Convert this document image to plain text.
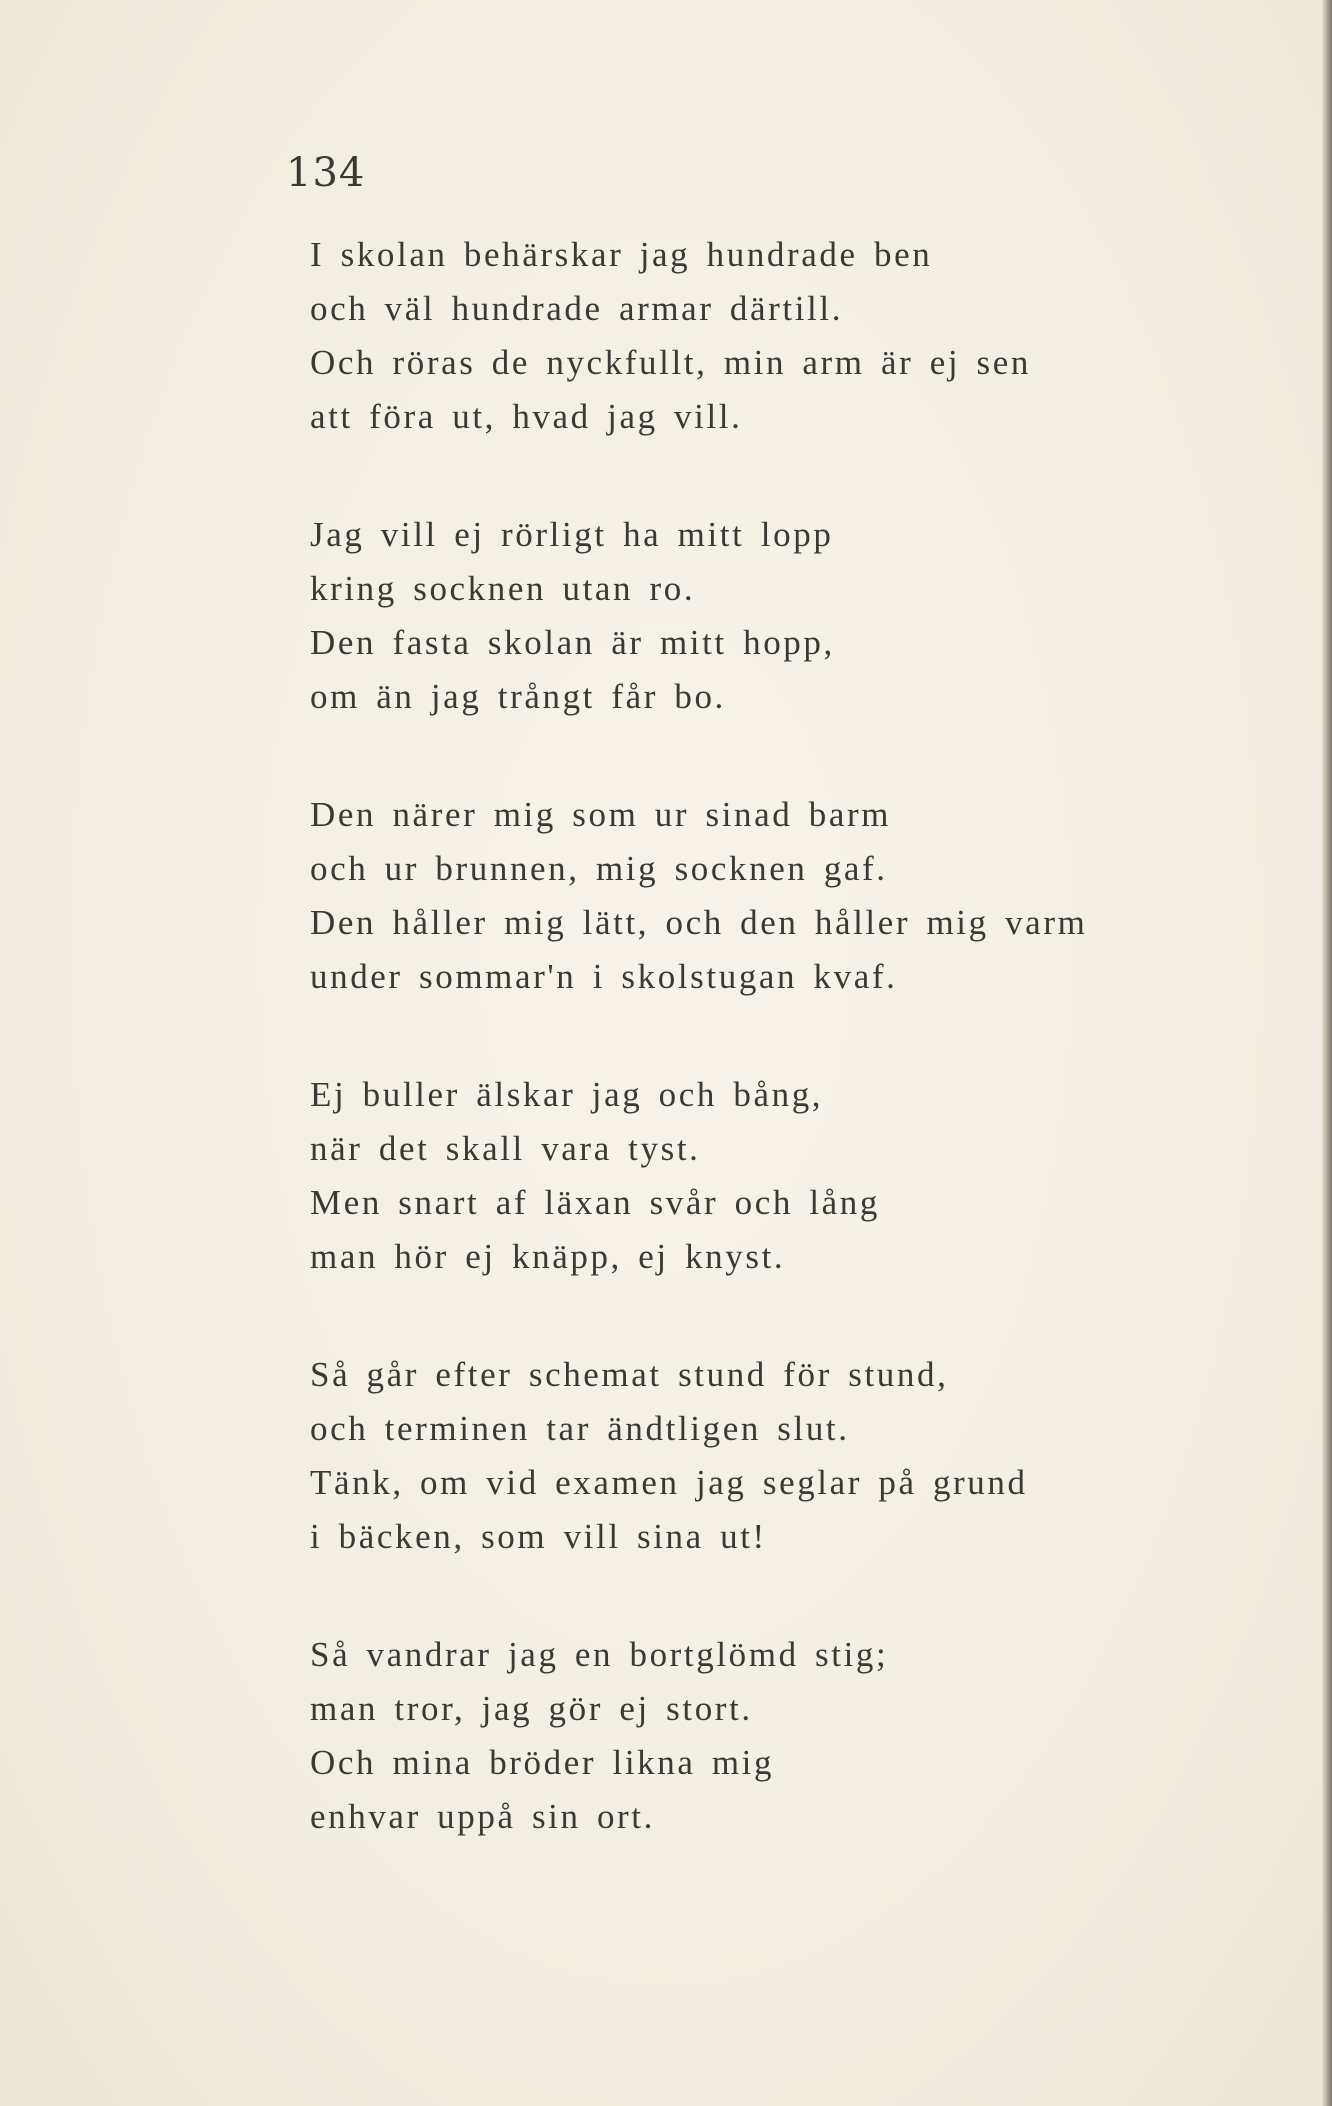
134
I skolan behärskar jag hundrade ben
och väl hundrade armar därtill.
Och röras de nyckfullt, min arm är ej sen
att föra ut, hvad jag vill.
Jag vill ej rörligt ha mitt lopp
kring socknen utan ro.
Den fasta skolan är mitt hopp,
om än jag trångt får bo.
Den närer mig som ur sinad barm
och ur brunnen, mig socknen gaf.
Den håller mig lätt, och den håller mig varm
under sommar'n i skolstugan kvaf.
Ej buller älskar jag och bång,
när det skall vara tyst.
Men snart af läxan svår och lång
man hör ej knäpp, ej knyst.
Så går efter schemat stund för stund,
och terminen tar ändtligen slut.
Tänk, om vid examen jag seglar på grund
i bäcken, som vill sina ut!
Så vandrar jag en bortglömd stig;
man tror, jag gör ej stort.
Och mina bröder likna mig
enhvar uppå sin ort.
